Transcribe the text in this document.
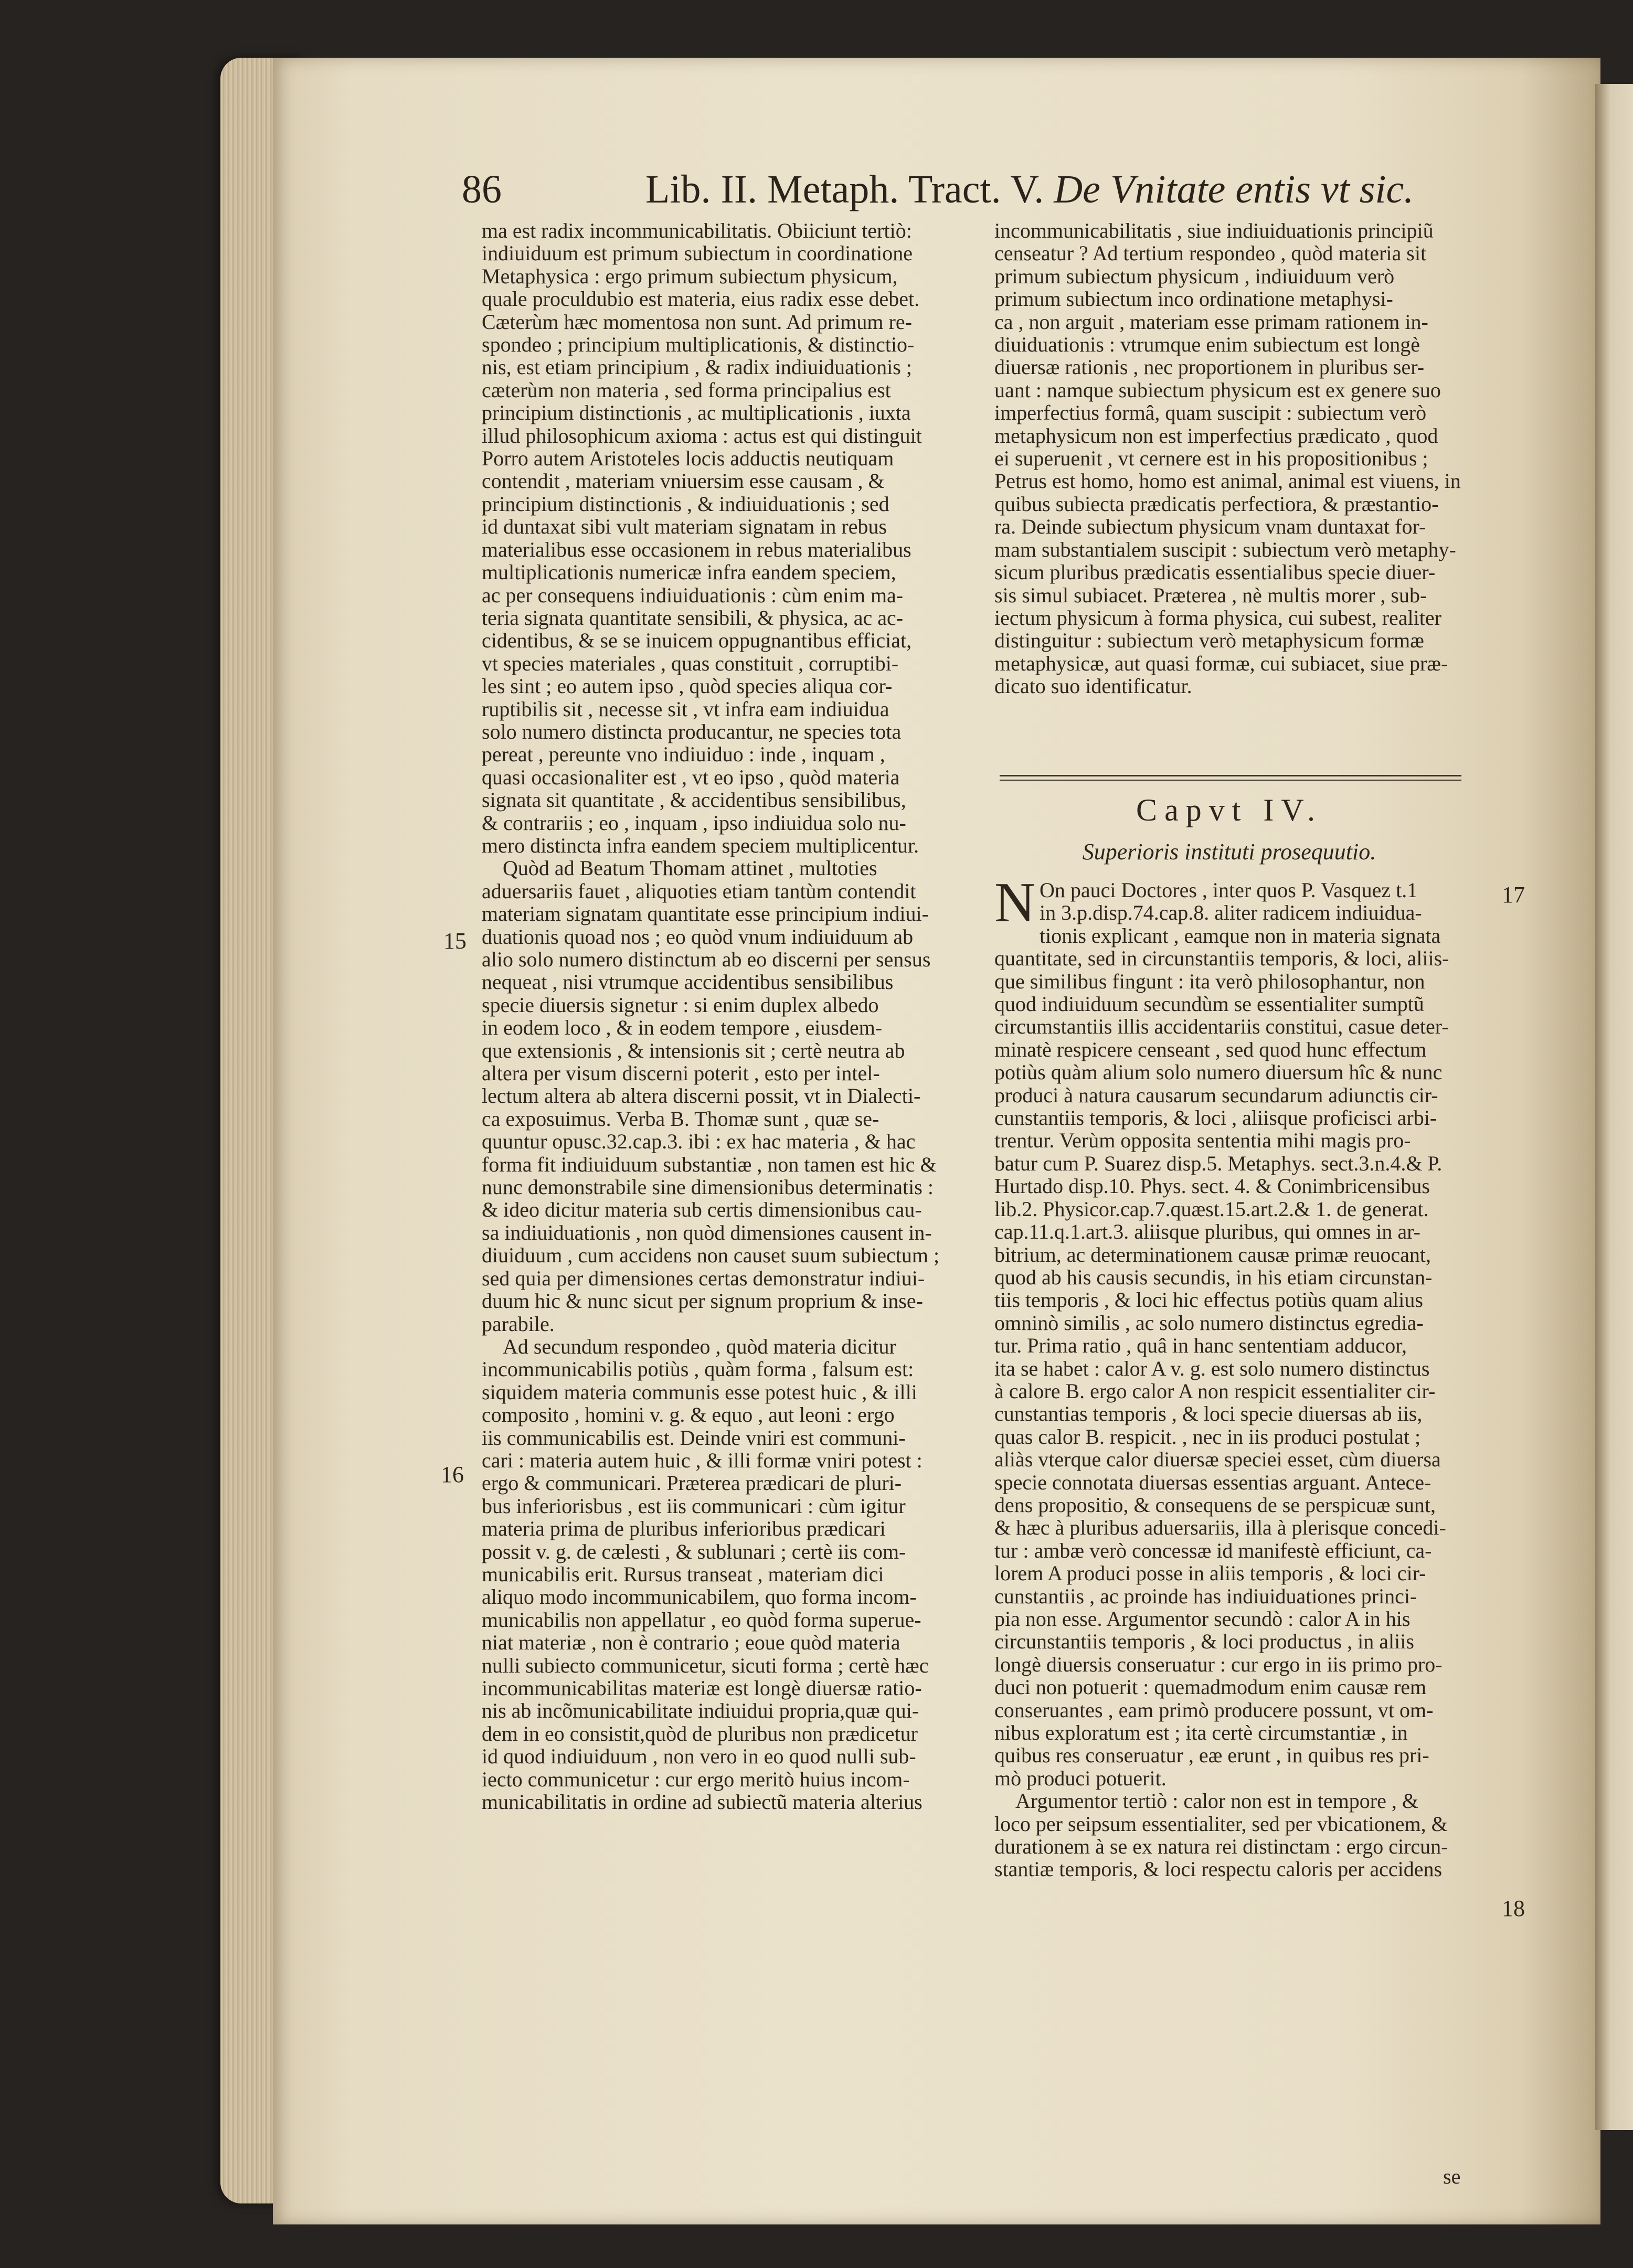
86	Lib. II. Metaph. Tract. V. De Vnitate entis vt sic.

ma est radix incommunicabilitatis. Obiiciunt tertiò:
indiuiduum est primum subiectum in coordinatione
Metaphysica : ergo primum subiectum physicum,
quale proculdubio est materia, eius radix esse debet.
Cæterùm hæc momentosa non sunt. Ad primum re-
spondeo ; principium multiplicationis, & distinctio-
nis, est etiam principium , & radix indiuiduationis ;
cæterùm non materia , sed forma principalius est
principium distinctionis , ac multiplicationis , iuxta
illud philosophicum axioma : actus est qui distinguit
Porro autem Aristoteles locis adductis neutiquam
contendit , materiam vniuersim esse causam , &
principium distinctionis , & indiuiduationis ; sed
id duntaxat sibi vult materiam signatam in rebus
materialibus esse occasionem in rebus materialibus
multiplicationis numericæ infra eandem speciem,
ac per consequens indiuiduationis : cùm enim ma-
teria signata quantitate sensibili, & physica, ac ac-
cidentibus, & se se inuicem oppugnantibus efficiat,
vt species materiales , quas constituit , corruptibi-
les sint ; eo autem ipso , quòd species aliqua cor-
ruptibilis sit , necesse sit , vt infra eam indiuidua
solo numero distincta producantur, ne species tota
pereat , pereunte vno indiuiduo : inde , inquam ,
quasi occasionaliter est , vt eo ipso , quòd materia
signata sit quantitate , & accidentibus sensibilibus,
& contrariis ; eo , inquam , ipso indiuidua solo nu-
mero distincta infra eandem speciem multiplicentur.

Quòd ad Beatum Thomam attinet , multoties
aduersariis fauet , aliquoties etiam tantùm contendit
materiam signatam quantitate esse principium indiui-
duationis quoad nos ; eo quòd vnum indiuiduum ab
alio solo numero distinctum ab eo discerni per sensus
nequeat , nisi vtrumque accidentibus sensibilibus
specie diuersis signetur : si enim duplex albedo
in eodem loco , & in eodem tempore , eiusdem-
que extensionis , & intensionis sit ; certè neutra ab
altera per visum discerni poterit , esto per intel-
lectum altera ab altera discerni possit, vt in Dialecti-
ca exposuimus. Verba B. Thomæ sunt , quæ se-
quuntur opusc.32.cap.3. ibi : ex hac materia , & hac
forma fit indiuiduum substantiæ , non tamen est hic &
nunc demonstrabile sine dimensionibus determinatis :
& ideo dicitur materia sub certis dimensionibus cau-
sa indiuiduationis , non quòd dimensiones causent in-
diuiduum , cum accidens non causet suum subiectum ;
sed quia per dimensiones certas demonstratur indiui-
duum hic & nunc sicut per signum proprium & inse-
parabile.

Ad secundum respondeo , quòd materia dicitur
incommunicabilis potiùs , quàm forma , falsum est:
siquidem materia communis esse potest huic , & illi
composito , homini v. g. & equo , aut leoni : ergo
iis communicabilis est. Deinde vniri est communi-
cari : materia autem huic , & illi formæ vniri potest :
ergo & communicari. Præterea prædicari de pluri-
bus inferiorisbus , est iis communicari : cùm igitur
materia prima de pluribus inferioribus prædicari
possit v. g. de cælesti , & sublunari ; certè iis com-
municabilis erit. Rursus transeat , materiam dici
aliquo modo incommunicabilem, quo forma incom-
municabilis non appellatur , eo quòd forma superue-
niat materiæ , non è contrario ; eoue quòd materia
nulli subiecto communicetur, sicuti forma ; certè hæc
incommunicabilitas materiæ est longè diuersæ ratio-
nis ab incõmunicabilitate indiuidui propria,quæ qui-
dem in eo consistit,quòd de pluribus non prædicetur
id quod indiuiduum , non vero in eo quod nulli sub-
iecto communicetur : cur ergo meritò huius incom-
municabilitatis in ordine ad subiectũ materia alterius

incommunicabilitatis , siue indiuiduationis principiũ
censeatur ? Ad tertium respondeo , quòd materia sit
primum subiectum physicum , indiuiduum verò
primum subiectum inco ordinatione metaphysi-
ca , non arguit , materiam esse primam rationem in-
diuiduationis : vtrumque enim subiectum est longè
diuersæ rationis , nec proportionem in pluribus ser-
uant : namque subiectum physicum est ex genere suo
imperfectius formâ, quam suscipit : subiectum verò
metaphysicum non est imperfectius prædicato , quod
ei superuenit , vt cernere est in his propositionibus ;
Petrus est homo, homo est animal, animal est viuens, in
quibus subiecta prædicatis perfectiora, & præstantio-
ra. Deinde subiectum physicum vnam duntaxat for-
mam substantialem suscipit : subiectum verò metaphy-
sicum pluribus prædicatis essentialibus specie diuer-
sis simul subiacet. Præterea , nè multis morer , sub-
iectum physicum à forma physica, cui subest, realiter
distinguitur : subiectum verò metaphysicum formæ
metaphysicæ, aut quasi formæ, cui subiacet, siue præ-
dicato suo identificatur.

Capvt IV.
Superioris instituti prosequutio.

N On pauci Doctores , inter quos P. Vasquez t.1
in 3.p.disp.74.cap.8. aliter radicem indiuidua-
tionis explicant , eamque non in materia signata
quantitate, sed in circunstantiis temporis, & loci, aliis-
que similibus fingunt : ita verò philosophantur, non
quod indiuiduum secundùm se essentialiter sumptũ
circumstantiis illis accidentariis constitui, casue deter-
minatè respicere censeant , sed quod hunc effectum
potiùs quàm alium solo numero diuersum hîc & nunc
produci à natura causarum secundarum adiunctis cir-
cunstantiis temporis, & loci , aliisque proficisci arbi-
trentur. Verùm opposita sententia mihi magis pro-
batur cum P. Suarez disp.5. Metaphys. sect.3.n.4.& P.
Hurtado disp.10. Phys. sect. 4. & Conimbricensibus
lib.2. Physicor.cap.7.quæst.15.art.2.& 1. de generat.
cap.11.q.1.art.3. aliisque pluribus, qui omnes in ar-
bitrium, ac determinationem causæ primæ reuocant,
quod ab his causis secundis, in his etiam circunstan-
tiis temporis , & loci hic effectus potiùs quam alius
omninò similis , ac solo numero distinctus egredia-
tur. Prima ratio , quâ in hanc sententiam adducor,
ita se habet : calor A v. g. est solo numero distinctus
à calore B. ergo calor A non respicit essentialiter cir-
cunstantias temporis , & loci specie diuersas ab iis,
quas calor B. respicit. , nec in iis produci postulat ;
aliàs vterque calor diuersæ speciei esset, cùm diuersa
specie connotata diuersas essentias arguant. Antece-
dens propositio, & consequens de se perspicuæ sunt,
& hæc à pluribus aduersariis, illa à plerisque concedi-
tur : ambæ verò concessæ id manifestè efficiunt, ca-
lorem A produci posse in aliis temporis , & loci cir-
cunstantiis , ac proinde has indiuiduationes princi-
pia non esse. Argumentor secundò : calor A in his
circunstantiis temporis , & loci productus , in aliis
longè diuersis conseruatur : cur ergo in iis primo pro-
duci non potuerit : quemadmodum enim causæ rem
conseruantes , eam primò producere possunt, vt om-
nibus exploratum est ; ita certè circumstantiæ , in
quibus res conseruatur , eæ erunt , in quibus res pri-
mò produci potuerit.

Argumentor tertiò : calor non est in tempore , &
loco per seipsum essentialiter, sed per vbicationem, &
durationem à se ex natura rei distinctam : ergo circun-
stantiæ temporis, & loci respectu caloris per accidens

15
16
17
18
se
